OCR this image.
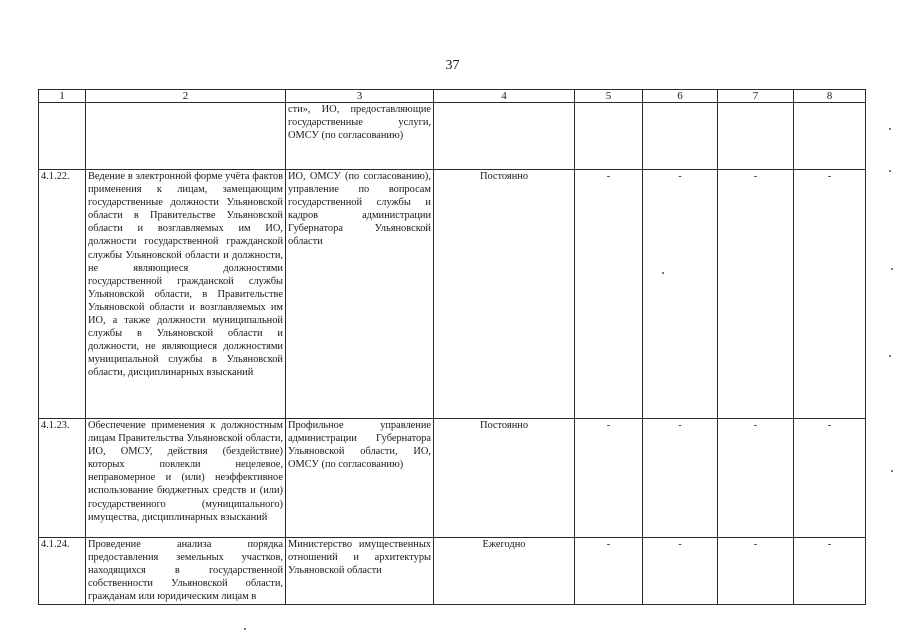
37
1	2	3	4	5	6	7	8
		сти», ИО, предоставляющие государственные услуги, ОМСУ (по согласованию)					
4.1.22.	Ведение в электронной форме учёта фактов применения к лицам, замещающим государственные должности Ульяновской области в Правительстве Ульяновской области и возглавляемых им ИО, должности государственной гражданской службы Ульяновской области и должности, не являющиеся должностями государственной гражданской службы Ульяновской области, в Правительстве Ульяновской области и возглавляемых им ИО, а также должности муниципальной службы в Ульяновской области и должности, не являющиеся должностями муниципальной службы в Ульяновской области, дисциплинарных взысканий	ИО, ОМСУ (по согласованию), управление по вопросам государственной службы и кадров администрации Губернатора Ульяновской области	Постоянно	-	-	-	-
4.1.23.	Обеспечение применения к должностным лицам Правительства Ульяновской области, ИО, ОМСУ, действия (бездействие) которых повлекли нецелевое, неправомерное и (или) неэффективное использование бюджетных средств и (или) государственного (муниципального) имущества, дисциплинарных взысканий	Профильное управление администрации Губернатора Ульяновской области, ИО, ОМСУ (по согласованию)	Постоянно	-	-	-	-
4.1.24.	Проведение анализа порядка предоставления земельных участков, находящихся в государственной собственности Ульяновской области, гражданам или юридическим лицам в	Министерство имущественных отношений и архитектуры Ульяновской области	Ежегодно	-	-	-	-
